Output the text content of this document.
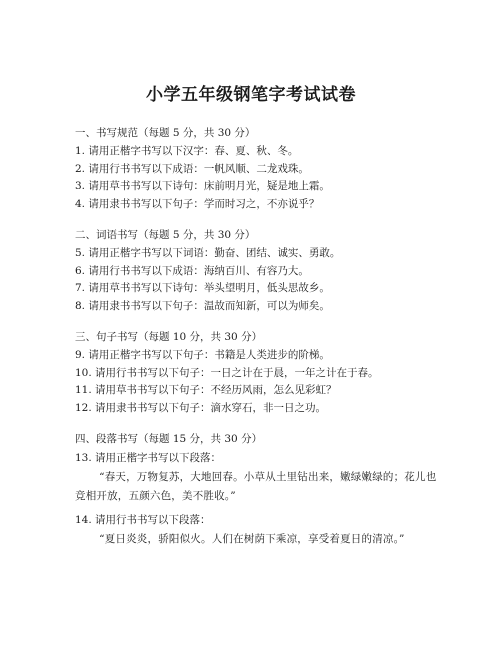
小学五年级钢笔字考试试卷
一、书写规范（每题 5 分，共 30 分）
1. 请用正楷字书写以下汉字：春、夏、秋、冬。
2. 请用行书书写以下成语：一帆风顺、二龙戏珠。
3. 请用草书书写以下诗句：床前明月光，疑是地上霜。
4. 请用隶书书写以下句子：学而时习之，不亦说乎？
二、词语书写（每题 5 分，共 30 分）
5. 请用正楷字书写以下词语：勤奋、团结、诚实、勇敢。
6. 请用行书书写以下成语：海纳百川、有容乃大。
7. 请用草书书写以下诗句：举头望明月，低头思故乡。
8. 请用隶书书写以下句子：温故而知新，可以为师矣。
三、句子书写（每题 10 分，共 30 分）
9. 请用正楷字书写以下句子：书籍是人类进步的阶梯。
10. 请用行书书写以下句子：一日之计在于晨，一年之计在于春。
11. 请用草书书写以下句子：不经历风雨，怎么见彩虹？
12. 请用隶书书写以下句子：滴水穿石，非一日之功。
四、段落书写（每题 15 分，共 30 分）
13. 请用正楷字书写以下段落：

“春天，万物复苏，大地回春。小草从土里钻出来，嫩绿嫩绿的；花儿也竞相开放，五颜六色，美不胜收。”

14. 请用行书书写以下段落：

“夏日炎炎，骄阳似火。人们在树荫下乘凉，享受着夏日的清凉。”
